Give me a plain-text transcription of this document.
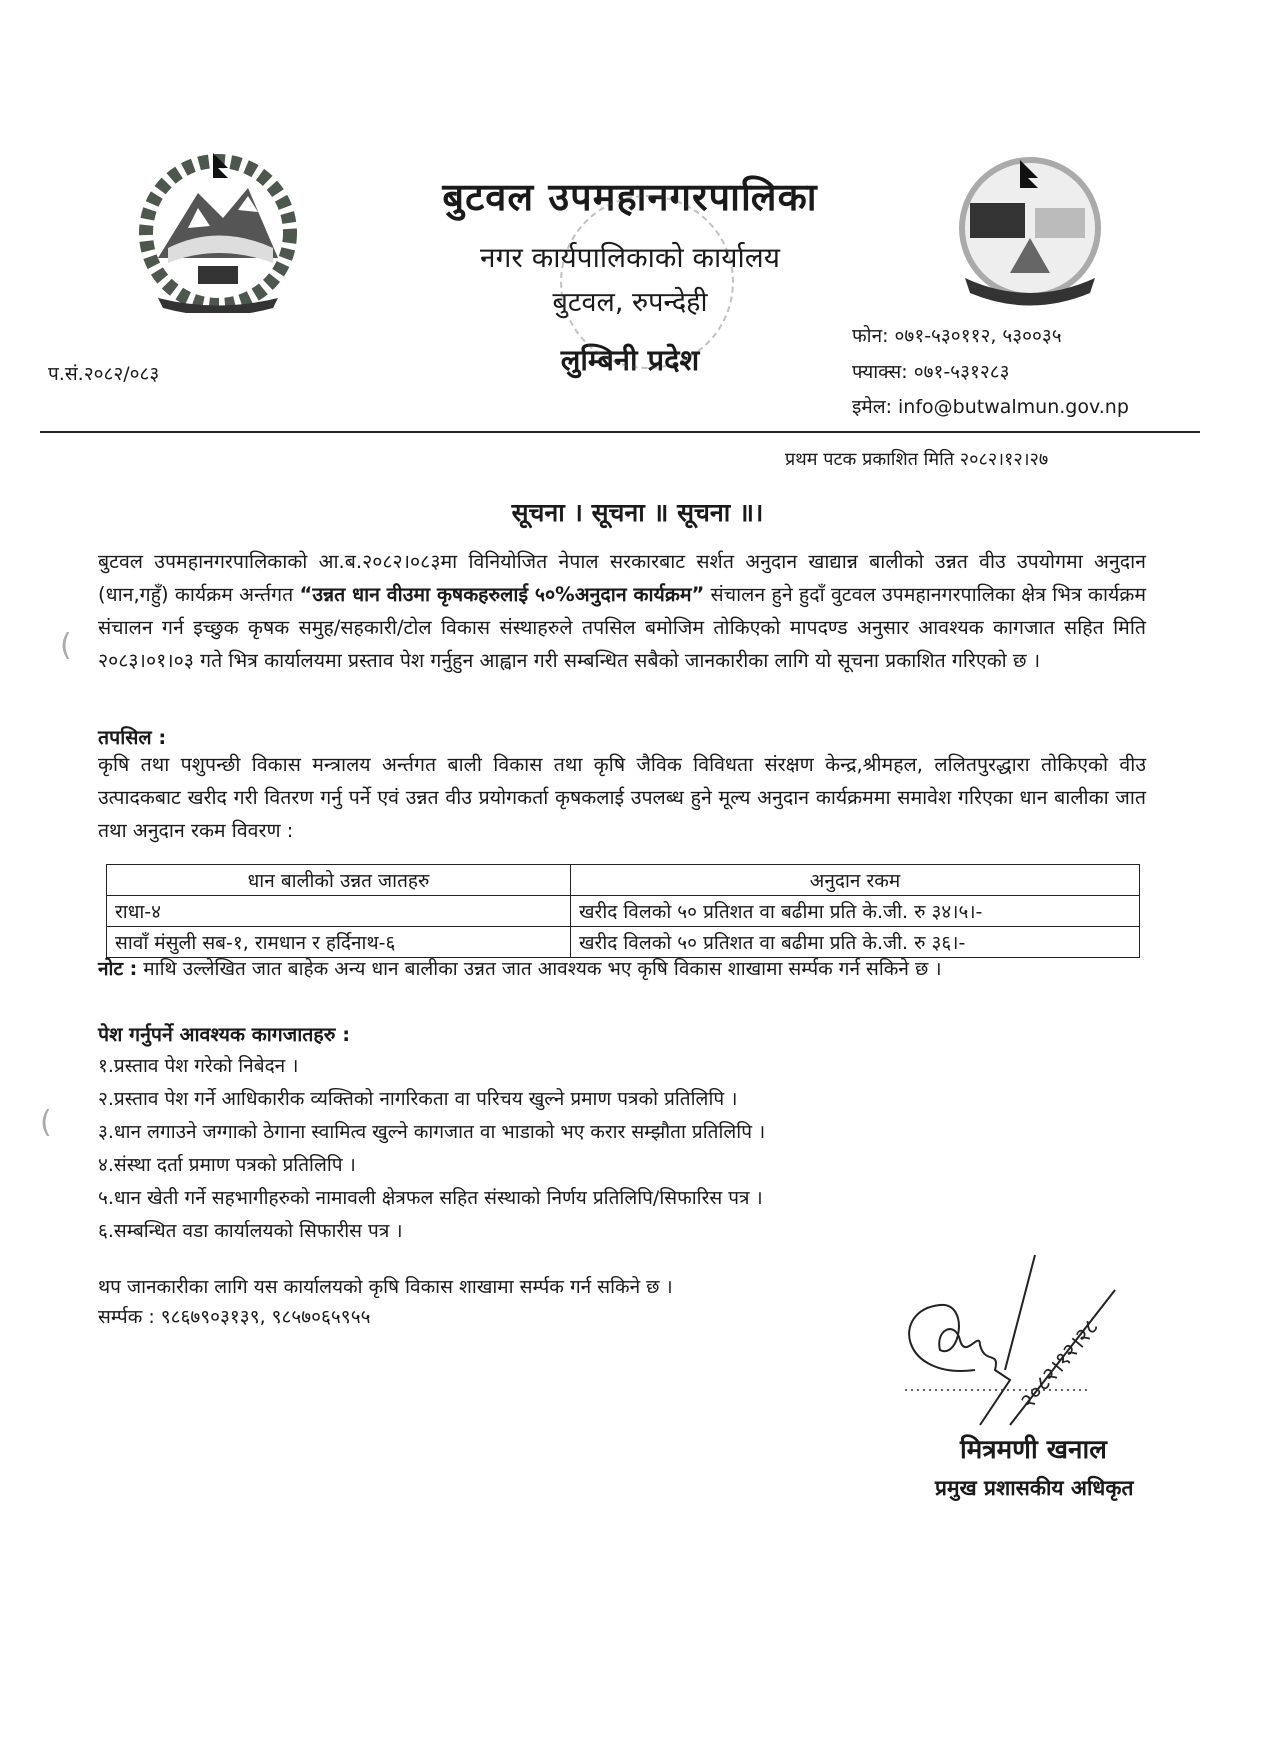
बुटवल उपमहानगरपालिका
नगर कार्यपालिकाको कार्यालय
बुटवल, रुपन्देही
लुम्बिनी प्रदेश
प.सं.२०८२/०८३
फोन: ०७१-५३०११२, ५३००३५
फ्याक्स: ०७१-५३१२८३
इमेल: info@butwalmun.gov.np
प्रथम पटक प्रकाशित मिति २०८२।१२।२७
सूचना । सूचना ॥ सूचना ॥।
(
(
बुटवल उपमहानगरपालिकाको आ.ब.२०८२।०८३मा विनियोजित नेपाल सरकारबाट सर्शत अनुदान खाद्यान्न बालीको उन्नत वीउ उपयोगमा अनुदान (धान,गहुँ) कार्यक्रम अर्न्तगत “उन्नत धान वीउमा कृषकहरुलाई ५०%अनुदान कार्यक्रम” संचालन हुने हुदाँ वुटवल उपमहानगरपालिका क्षेत्र भित्र कार्यक्रम संचालन गर्न इच्छुक कृषक समुह/सहकारी/टोल विकास संस्थाहरुले तपसिल बमोजिम तोकिएको मापदण्ड अनुसार आवश्यक कागजात सहित मिति २०८३।०१।०३ गते भित्र कार्यालयमा प्रस्ताव पेश गर्नुहुन आह्वान गरी सम्बन्धित सबैको जानकारीका लागि यो सूचना प्रकाशित गरिएको छ ।
तपसिल :
कृषि तथा पशुपन्छी विकास मन्त्रालय अर्न्तगत बाली विकास तथा कृषि जैविक विविधता संरक्षण केन्द्र,श्रीमहल, ललितपुरद्धारा तोकिएको वीउ उत्पादकबाट खरीद गरी वितरण गर्नु पर्ने एवं उन्नत वीउ प्रयोगकर्ता कृषकलाई उपलब्ध हुने मूल्य अनुदान कार्यक्रममा समावेश गरिएका धान बालीका जात तथा अनुदान रकम विवरण :
धान बालीको उन्नत जातहरु	अनुदान रकम
राधा-४	खरीद विलको ५० प्रतिशत वा बढीमा प्रति के.जी. रु ३४।५।-
सावाँ मंसुली सब-१, रामधान र हर्दिनाथ-६	खरीद विलको ५० प्रतिशत वा बढीमा प्रति के.जी. रु ३६।-
नोट : माथि उल्लेखित जात बाहेक अन्य धान बालीका उन्नत जात आवश्यक भए कृषि विकास शाखामा सर्म्पक गर्न सकिने छ ।
पेश गर्नुपर्ने आवश्यक कागजातहरु :
१.प्रस्ताव पेश गरेको निबेदन ।
२.प्रस्ताव पेश गर्ने आधिकारीक व्यक्तिको नागरिकता वा परिचय खुल्ने प्रमाण पत्रको प्रतिलिपि ।
३.धान लगाउने जग्गाको ठेगाना स्वामित्व खुल्ने कागजात वा भाडाको भए करार सम्झौता प्रतिलिपि ।
४.संस्था दर्ता प्रमाण पत्रको प्रतिलिपि ।
५.धान खेती गर्ने सहभागीहरुको नामावली क्षेत्रफल सहित संस्थाको निर्णय प्रतिलिपि/सिफारिस पत्र ।
६.सम्बन्धित वडा कार्यालयको सिफारीस पत्र ।
थप जानकारीका लागि यस कार्यालयको कृषि विकास शाखामा सर्म्पक गर्न सकिने छ ।
सर्म्पक : ९८६७९०३१३९, ९८५७०६५९५५	२०८२।१२।२८
मित्रमणी खनाल
प्रमुख प्रशासकीय अधिकृत
